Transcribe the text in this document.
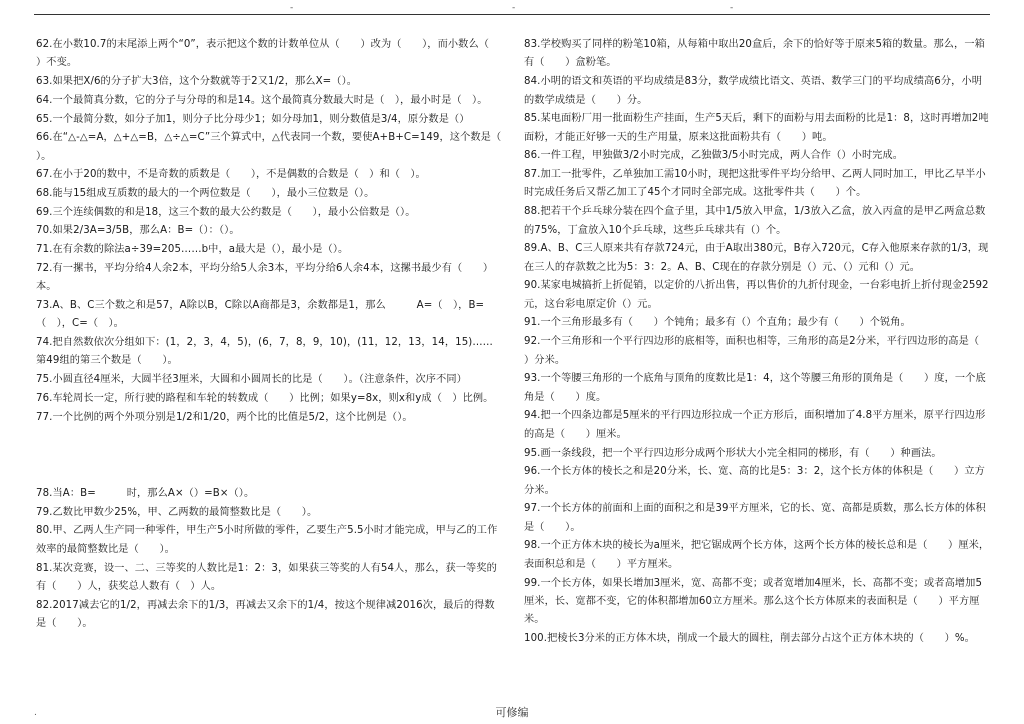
-	-	-

62.在小数10.7的末尾添上两个“0”，表示把这个数的计数单位从（　　）改为（　　），而小数么（　　）不变。

63.如果把X/6的分子扩大3倍，这个分数就等于2又1/2，那么X=（）。

64.一个最简真分数，它的分子与分母的和是14。这个最简真分数最大时是（　），最小时是（　）。

65.一个最简分数，如分子加1，则分子比分母少1；如分母加1，则分数值是3/4，原分数是（）

66.在“△-△=A，△+△=B，△÷△=C”三个算式中，△代表同一个数，要使A+B+C=149，这个数是（　　）。

67.在小于20的数中，不是奇数的质数是（　　），不是偶数的合数是（　）和（　）。

68.能与15组成互质数的最大的一个两位数是（　　），最小三位数是（）。

69.三个连续偶数的和是18，这三个数的最大公约数是（　　），最小公倍数是（）。

70.如果2/3A=3/5B，那么A：B=（）：（）。

71.在有余数的除法a÷39=205……b中，a最大是（），最小是（）。

72.有一摞书，平均分给4人余2本，平均分给5人余3本，平均分给6人余4本，这摞书最少有（　　）本。

73.A、B、C三个数之和是57，A除以B，C除以A商都是3，余数都是1，那么　　　A=（　），B=（　），C=（　）。

74.把自然数依次分组如下：(1，2，3，4，5)，(6，7，8，9，10)，(11，12，13，14，15)……第49组的第三个数是（　　）。

75.小圆直径4厘米，大圆半径3厘米，大圆和小圆周长的比是（　　）。（注意条件，次序不同）

76.车轮周长一定，所行驶的路程和车轮的转数成（　　）比例；如果y=8x，则x和y成（　）比例。

77.一个比例的两个外项分别是1/2和1/20，两个比的比值是5/2，这个比例是（）。

78.当A：B=　　　时，那么A×（）=B×（）。

79.乙数比甲数少25%，甲、乙两数的最简整数比是（　　）。

80.甲、乙两人生产同一种零件，甲生产5小时所做的零件，乙要生产5.5小时才能完成，甲与乙的工作效率的最简整数比是（　　）。

81.某次竞赛，设一、二、三等奖的人数比是1：2：3，如果获三等奖的人有54人，那么，获一等奖的有（　　）人，获奖总人数有（　）人。

82.2017减去它的1/2，再减去余下的1/3，再减去又余下的1/4，按这个规律减2016次，最后的得数是（　　）。

83.学校购买了同样的粉笔10箱，从每箱中取出20盒后，余下的恰好等于原来5箱的数量。那么，一箱有（　　）盒粉笔。

84.小明的语文和英语的平均成绩是83分，数学成绩比语文、英语、数学三门的平均成绩高6分，小明的数学成绩是（　　）分。

85.某电面粉厂用一批面粉生产挂面，生产5天后，剩下的面粉与用去面粉的比是1：8，这时再增加2吨面粉，才能正好够一天的生产用量，原来这批面粉共有（　　）吨。

86.一件工程，甲独做3/2小时完成，乙独做3/5小时完成，两人合作（）小时完成。

87.加工一批零件，乙单独加工需10小时，现把这批零件平均分给甲、乙两人同时加工，甲比乙早半小时完成任务后又帮乙加工了45个才同时全部完成。这批零件共（　　）个。

88.把若干个乒乓球分装在四个盒子里，其中1/5放入甲盒，1/3放入乙盒，放入丙盒的是甲乙两盒总数的75%，丁盒放入10个乒乓球，这些乒乓球共有（）个。

89.A、B、C三人原来共有存款724元，由于A取出380元，B存入720元，C存入他原来存款的1/3，现在三人的存款数之比为5：3：2。A、B、C现在的存款分别是（）元、（）元和（）元。

90.某家电城搞折上折促销，以定价的八折出售，再以售价的九折付现金，一台彩电折上折付现金2592元，这台彩电原定价（）元。

91.一个三角形最多有（　　）个钝角；最多有（）个直角；最少有（　　）个锐角。

92.一个三角形和一个平行四边形的底相等，面积也相等，三角形的高是2分米，平行四边形的高是（　　）分米。

93.一个等腰三角形的一个底角与顶角的度数比是1：4，这个等腰三角形的顶角是（　　）度，一个底角是（　　）度。

94.把一个四条边都是5厘米的平行四边形拉成一个正方形后，面积增加了4.8平方厘米，原平行四边形的高是（　　）厘米。

95.画一条线段，把一个平行四边形分成两个形状大小完全相同的梯形，有（　　）种画法。

96.一个长方体的棱长之和是20分米，长、宽、高的比是5：3：2，这个长方体的体积是（　　）立方分米。

97.一个长方体的前面和上面的面积之和是39平方厘米，它的长、宽、高都是质数，那么长方体的体积是（　　）。

98.一个正方体木块的棱长为a厘米，把它锯成两个长方体，这两个长方体的棱长总和是（　　）厘米，表面积总和是（　　）平方厘米。

99.一个长方体，如果长增加3厘米，宽、高都不变；或者宽增加4厘米，长、高都不变；或者高增加5厘米，长、宽都不变，它的体积都增加60立方厘米。那么这个长方体原来的表面积是（　　）平方厘米。

100.把棱长3分米的正方体木块，削成一个最大的圆柱，削去部分占这个正方体木块的（　　）%。

.	可修编
